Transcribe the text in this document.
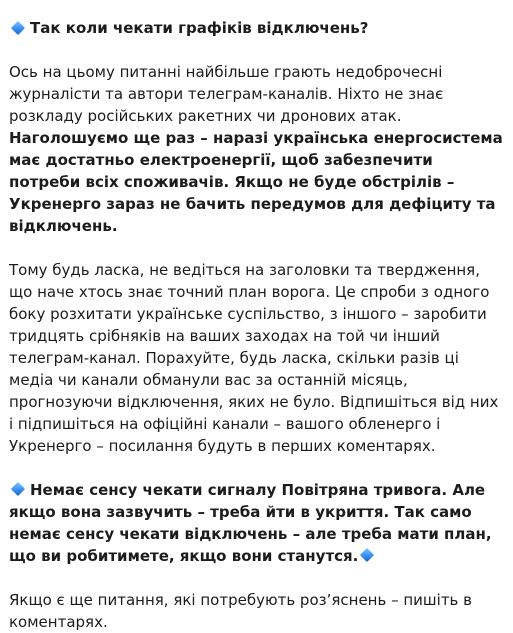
Так коли чекати графіків відключень?

Ось на цьому питанні найбільше грають недоброчесні журналісти та автори телеграм-каналів. Ніхто не знає розкладу російських ракетних чи дронових атак. Наголошуємо ще раз – наразі українська енергосистема має достатньо електроенергії, щоб забезпечити потреби всіх споживачів. Якщо не буде обстрілів – Укренерго зараз не бачить передумов для дефіциту та відключень.

Тому будь ласка, не ведіться на заголовки та твердження, що наче хтось знає точний план ворога. Це спроби з одного боку розхитати українське суспільство, з іншого – заробити тридцять срібняків на ваших заходах на той чи інший телеграм-канал. Порахуйте, будь ласка, скільки разів ці медіа чи канали обманули вас за останній місяць, прогнозуючи відключення, яких не було. Відпишіться від них і підпишіться на офіційні канали – вашого обленерго і Укренерго – посилання будуть в перших коментарях.

Немає сенсу чекати сигналу Повітряна тривога. Але якщо вона зазвучить – треба йти в укриття. Так само немає сенсу чекати відключень – але треба мати план, що ви робитимете, якщо вони станутся.

Якщо є ще питання, які потребують роз’яснень – пишіть в коментарях.
